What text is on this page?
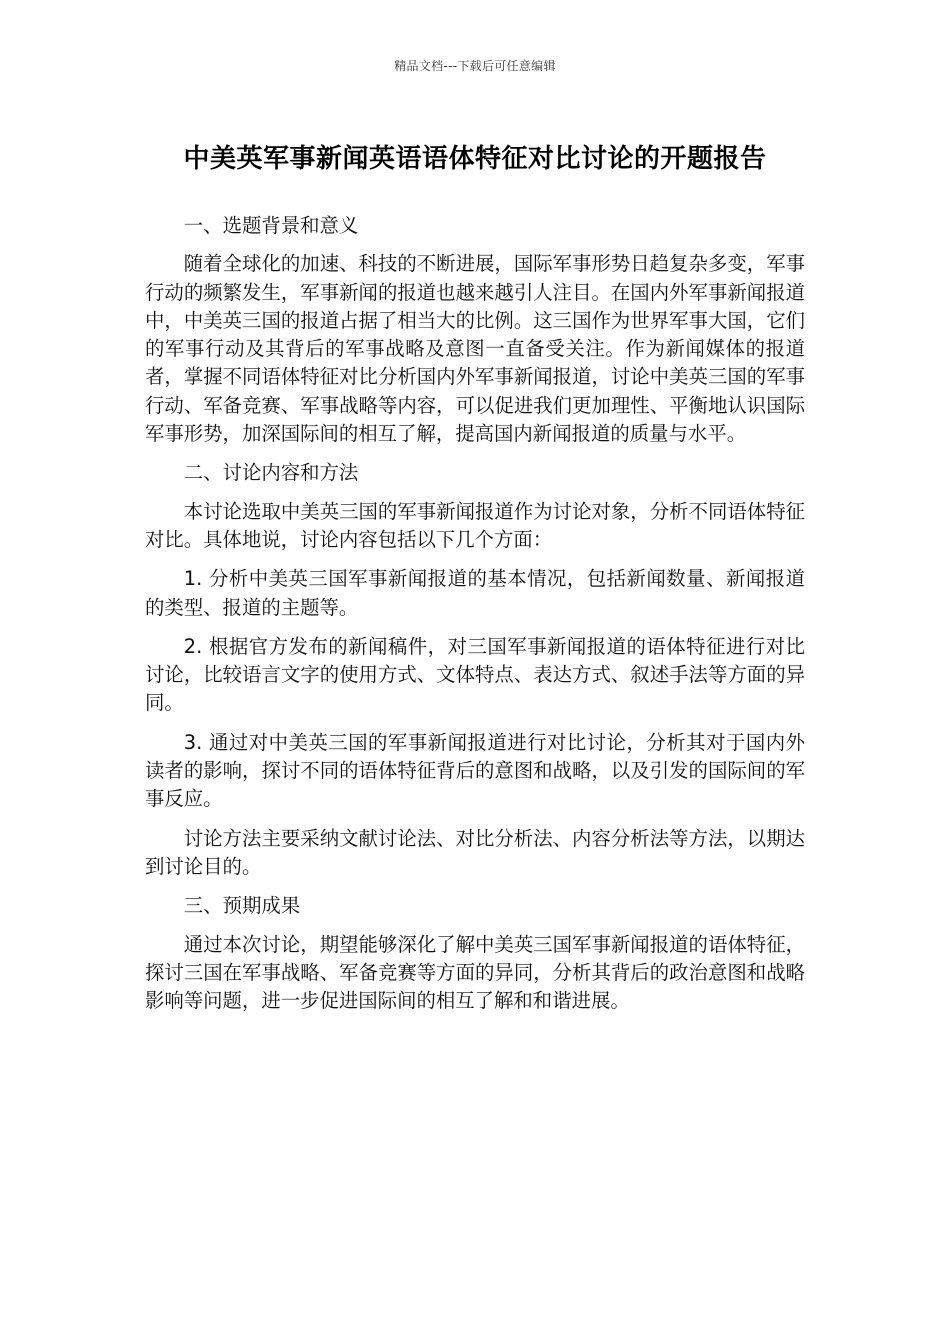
精品文档---下载后可任意编辑
中美英军事新闻英语语体特征对比讨论的开题报告

一、选题背景和意义

随着全球化的加速、科技的不断进展，国际军事形势日趋复杂多变，军事行动的频繁发生，军事新闻的报道也越来越引人注目。在国内外军事新闻报道中，中美英三国的报道占据了相当大的比例。这三国作为世界军事大国，它们的军事行动及其背后的军事战略及意图一直备受关注。作为新闻媒体的报道者，掌握不同语体特征对比分析国内外军事新闻报道，讨论中美英三国的军事行动、军备竞赛、军事战略等内容，可以促进我们更加理性、平衡地认识国际军事形势，加深国际间的相互了解，提高国内新闻报道的质量与水平。

二、讨论内容和方法

本讨论选取中美英三国的军事新闻报道作为讨论对象，分析不同语体特征对比。具体地说，讨论内容包括以下几个方面：

1. 分析中美英三国军事新闻报道的基本情况，包括新闻数量、新闻报道的类型、报道的主题等。

2. 根据官方发布的新闻稿件，对三国军事新闻报道的语体特征进行对比讨论，比较语言文字的使用方式、文体特点、表达方式、叙述手法等方面的异同。

3. 通过对中美英三国的军事新闻报道进行对比讨论，分析其对于国内外读者的影响，探讨不同的语体特征背后的意图和战略，以及引发的国际间的军事反应。

讨论方法主要采纳文献讨论法、对比分析法、内容分析法等方法，以期达到讨论目的。

三、预期成果

通过本次讨论，期望能够深化了解中美英三国军事新闻报道的语体特征，探讨三国在军事战略、军备竞赛等方面的异同，分析其背后的政治意图和战略影响等问题，进一步促进国际间的相互了解和和谐进展。
